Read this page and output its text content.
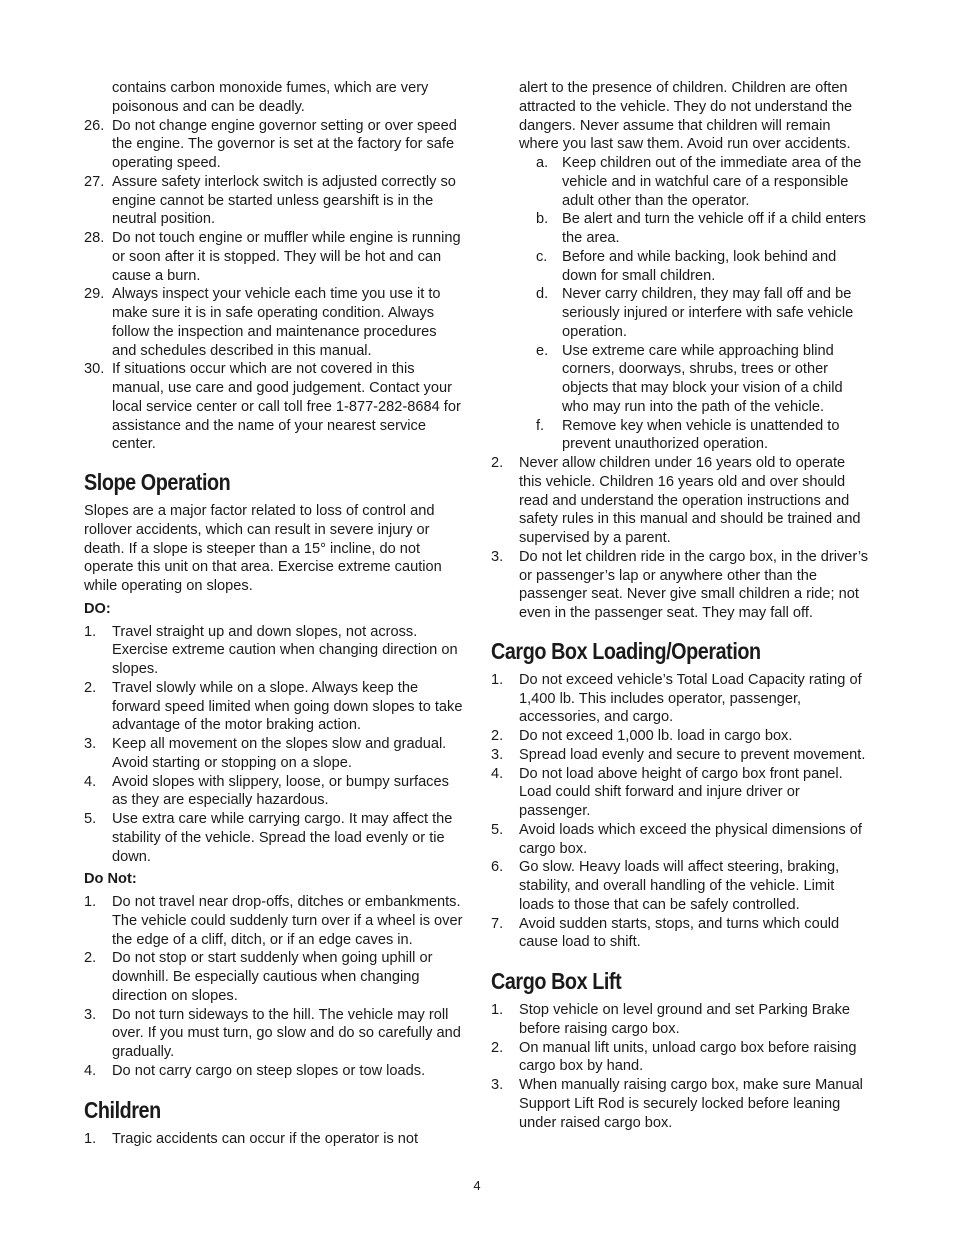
contains carbon monoxide fumes, which are very poisonous and can be deadly.

26. Do not change engine governor setting or over speed the engine. The governor is set at the factory for safe operating speed.
27. Assure safety interlock switch is adjusted correctly so engine cannot be started unless gearshift is in the neutral position.
28. Do not touch engine or muffler while engine is running or soon after it is stopped. They will be hot and can cause a burn.
29. Always inspect your vehicle each time you use it to make sure it is in safe operating condition. Always follow the inspection and maintenance procedures and schedules described in this manual.
30. If situations occur which are not covered in this manual, use care and good judgement. Contact your local service center or call toll free 1-877-282-8684 for assistance and the name of your nearest service center.
Slope Operation

Slopes are a major factor related to loss of control and rollover accidents, which can result in severe injury or death. If a slope is steeper than a 15° incline, do not operate this unit on that area. Exercise extreme caution while operating on slopes.

DO:

1.	Travel straight up and down slopes, not across. Exercise extreme caution when changing direction on slopes.
2.	Travel slowly while on a slope. Always keep the forward speed limited when going down slopes to take advantage of the motor braking action.
3.	Keep all movement on the slopes slow and gradual. Avoid starting or stopping on a slope.
4.	Avoid slopes with slippery, loose, or bumpy surfaces as they are especially hazardous.
5.	Use extra care while carrying cargo. It may affect the stability of the vehicle. Spread the load evenly or tie down.

Do Not:

1.	Do not travel near drop-offs, ditches or embankments. The vehicle could suddenly turn over if a wheel is over the edge of a cliff, ditch, or if an edge caves in.
2.	Do not stop or start suddenly when going uphill or downhill. Be especially cautious when changing direction on slopes.
3.	Do not turn sideways to the hill. The vehicle may roll over. If you must turn, go slow and do so carefully and gradually.
4.	Do not carry cargo on steep slopes or tow loads.
Children
1.	Tragic accidents can occur if the operator is not

alert to the presence of children. Children are often attracted to the vehicle. They do not understand the dangers. Never assume that children will remain where you last saw them. Avoid run over accidents.

a. Keep children out of the immediate area of the vehicle and in watchful care of a responsible adult other than the operator.
b. Be alert and turn the vehicle off if a child enters the area.
c.	Before and while backing, look behind and down for small children.
d. Never carry children, they may fall off and be seriously injured or interfere with safe vehicle operation.
e. Use extreme care while approaching blind corners, doorways, shrubs, trees or other objects that may block your vision of a child who may run into the path of the vehicle.
f.	Remove key when vehicle is unattended to prevent unauthorized operation.
2.	Never allow children under 16 years old to operate this vehicle. Children 16 years old and over should read and understand the operation instructions and safety rules in this manual and should be trained and supervised by a parent.
3.	Do not let children ride in the cargo box, in the driver’s or passenger’s lap or anywhere other than the passenger seat. Never give small children a ride; not even in the passenger seat. They may fall off.
Cargo Box Loading/Operation
1.	Do not exceed vehicle’s Total Load Capacity rating of 1,400 lb. This includes operator, passenger, accessories, and cargo.
2.	Do not exceed 1,000 lb. load in cargo box.
3.	Spread load evenly and secure to prevent movement.
4.	Do not load above height of cargo box front panel. Load could shift forward and injure driver or passenger.
5.	Avoid loads which exceed the physical dimensions of cargo box.
6.	Go slow. Heavy loads will affect steering, braking, stability, and overall handling of the vehicle. Limit loads to those that can be safely controlled.
7.	Avoid sudden starts, stops, and turns which could cause load to shift.
Cargo Box Lift
1.	Stop vehicle on level ground and set Parking Brake before raising cargo box.
2.	On manual lift units, unload cargo box before raising cargo box by hand.
3.	When manually raising cargo box, make sure Manual Support Lift Rod is securely locked before leaning under raised cargo box.
4
